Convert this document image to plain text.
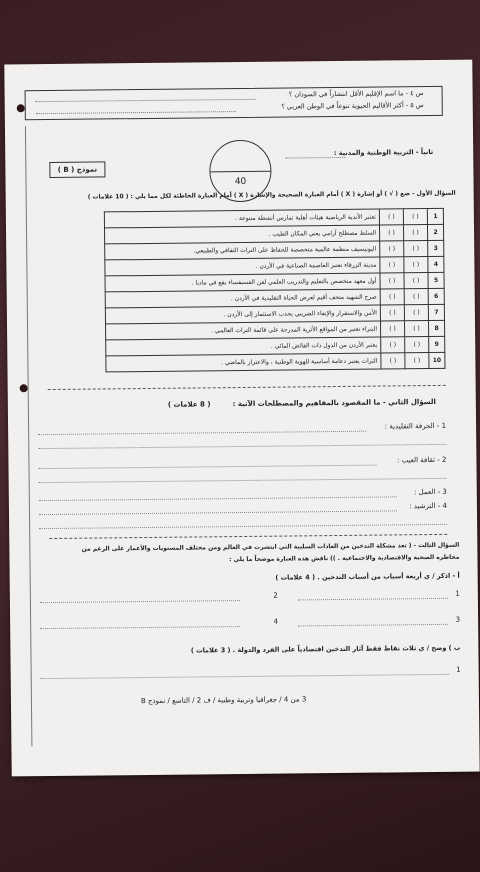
س ٤ - ما اسم الإقليم الأقل انتشاراً في السودان ؟
س ٥ - أكثر الأقاليم الحيوية تنوعاً في الوطن العربي ؟
ثانياً - التربية الوطنية والمدنية :
40
نموذج ( B )
السؤال الأول - ضع ( √ ) أو إشارة ( X ) أمام العبارة الصحيحة والإشارة ( X ) أمام العبارة الخاطئة لكل مما يلي : ( 10 علامات )
1	( )	( )	تعتبر الأندية الرياضية هيئات أهلية تمارس أنشطة متنوعة .
2	( )	( )	السلط مصطلح آرامي يعني المكان الطيب .
3	( )	( )	اليونيسيف منظمة عالمية متخصصة للحفاظ على التراث الثقافي والطبيعي.
4	( )	( )	مدينة الزرقاء تعتبر العاصمة الصناعية في الأردن .
5	( )	( )	أول معهد متخصص بالتعليم والتدريب العلمي لفن الفسيفساء يقع في مادبا .
6	( )	( )	صرح الشهيد متحف أقيم لعرض الحياة التقليدية في الأردن .
7	( )	( )	الأمن والاستقرار والإنفاء الضريبي يجذب الاستثمار إلى الأردن .
8	( )	( )	البتراء تعتبر من المواقع الأثرية المدرجة على قائمة التراث العالمي .
9	( )	( )	يعتبر الأردن من الدول ذات الفائض المائي .
10	( )	( )	التراث يعتبر دعامة أساسية للهوية الوطنية ، والاعتزاز بالماضي .
السؤال الثاني - ما المقصود بالمفاهيم والمصطلحات الآتية :
( 8 علامات )
1 - الحرفة التقليدية :
2 - ثقافة العيب :
3 - العمل :
4 - الترشيد :
السؤال الثالث - ( تعد مشكلة التدخين من العادات السلبية التي انتشرت في العالم ومن مختلف المستويات والأعمار على الرغم من
مخاطره الصحية والاقتصادية والاجتماعية . )) ناقش هذه العبارة موضحاً ما يلي :
أ - اذكر / ي أربعة أسباب من أسباب التدخين . ( 4 علامات )
1
2
3
4
ب ) وضح / ي ثلاث نقاط فقط آثار التدخين اقتصادياً على الفرد والدولة . ( 3 علامات )
1
3 من 4 / جغرافيا وتربية وطنية / ف 2 / التاسع / نموذج B
